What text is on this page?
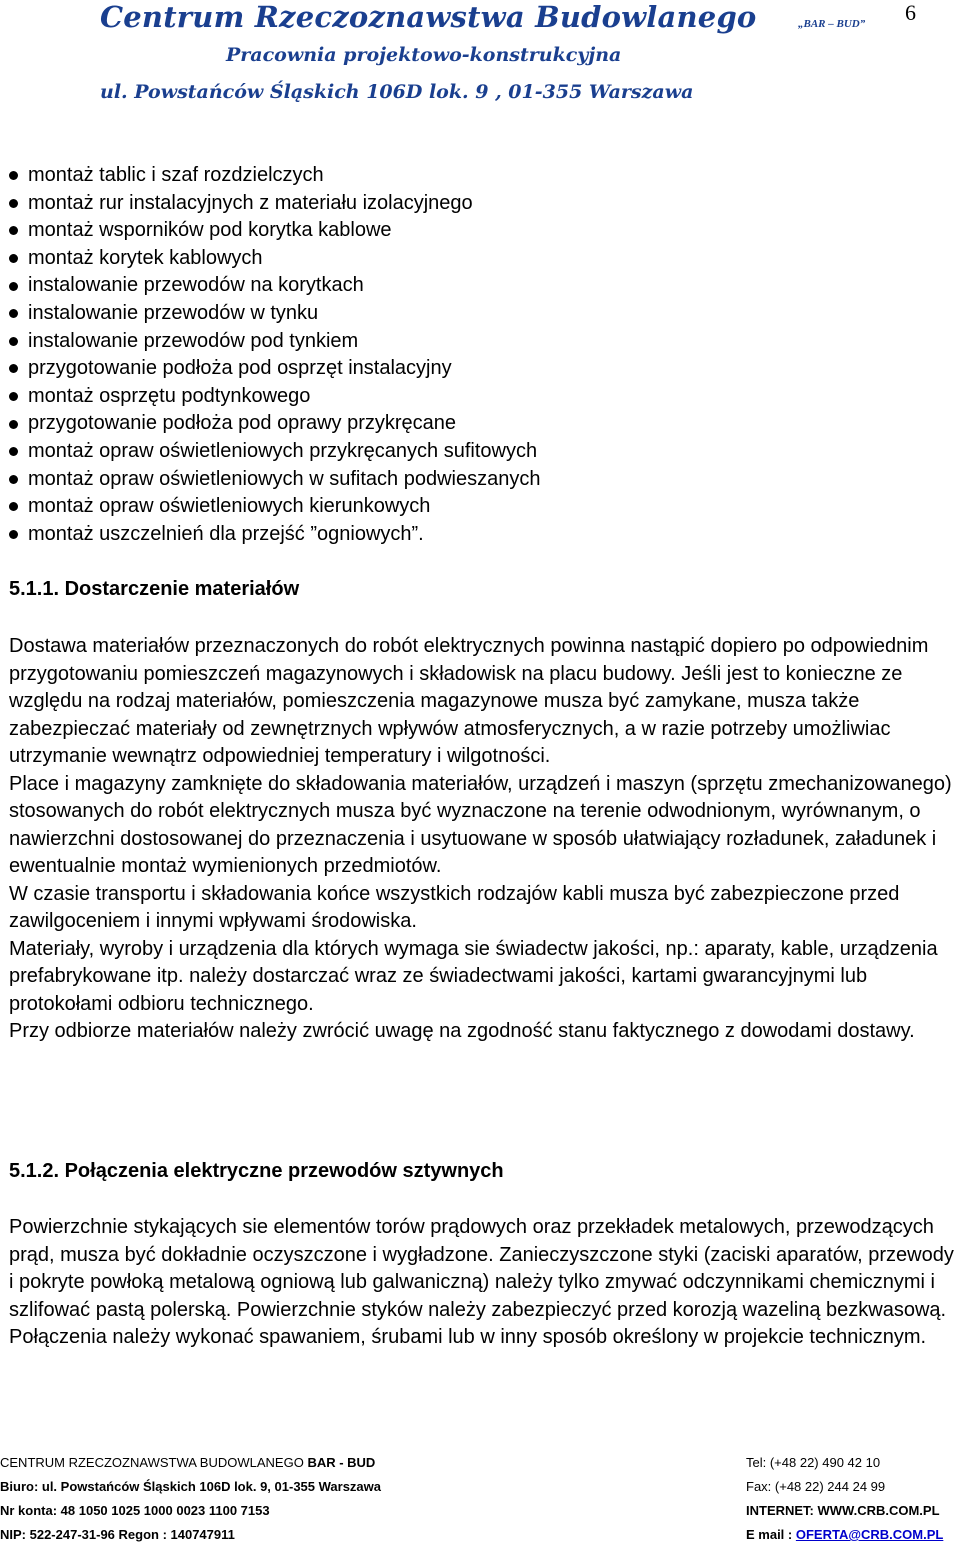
Centrum Rzeczoznawstwa Budowlanego	„BAR – BUD” 6
Pracownia projektowo-konstrukcyjna
ul. Powstańców Śląskich 106D lok. 9 , 01-355 Warszawa
montaż tablic i szaf rozdzielczych
montaż rur instalacyjnych z materiału izolacyjnego
montaż wsporników pod korytka kablowe
montaż korytek kablowych
instalowanie przewodów na korytkach
instalowanie przewodów w tynku
instalowanie przewodów pod tynkiem
przygotowanie podłoża pod osprzęt instalacyjny
montaż osprzętu podtynkowego
przygotowanie podłoża pod oprawy przykręcane
montaż opraw oświetleniowych przykręcanych sufitowych
montaż opraw oświetleniowych w sufitach podwieszanych
montaż opraw oświetleniowych kierunkowych
montaż uszczelnień dla przejść ”ogniowych”.
5.1.1. Dostarczenie materiałów

Dostawa materiałów przeznaczonych do robót elektrycznych powinna nastąpić dopiero po odpowiednim przygotowaniu pomieszczeń magazynowych i składowisk na placu budowy. Jeśli jest to konieczne ze względu na rodzaj materiałów, pomieszczenia magazynowe musza być zamykane, musza także zabezpieczać materiały od zewnętrznych wpływów atmosferycznych, a w razie potrzeby umożliwiac utrzymanie wewnątrz odpowiedniej temperatury i wilgotności.

Place i magazyny zamknięte do składowania materiałów, urządzeń i maszyn (sprzętu zmechanizowanego) stosowanych do robót elektrycznych musza być wyznaczone na terenie odwodnionym, wyrównanym, o nawierzchni dostosowanej do przeznaczenia i usytuowane w sposób ułatwiający rozładunek, załadunek i ewentualnie montaż wymienionych przedmiotów.

W czasie transportu i składowania końce wszystkich rodzajów kabli musza być zabezpieczone przed zawilgoceniem i innymi wpływami środowiska.

Materiały, wyroby i urządzenia dla których wymaga sie świadectw jakości, np.: aparaty, kable, urządzenia prefabrykowane itp. należy dostarczać wraz ze świadectwami jakości, kartami gwarancyjnymi lub protokołami odbioru technicznego.

Przy odbiorze materiałów należy zwrócić uwagę na zgodność stanu faktycznego z dowodami dostawy.

5.1.2. Połączenia elektryczne przewodów sztywnych

Powierzchnie stykających sie elementów torów prądowych oraz przekładek metalowych, przewodzących prąd, musza być dokładnie oczyszczone i wygładzone. Zanieczyszczone styki (zaciski aparatów, przewody i pokryte powłoką metalową ogniową lub galwaniczną) należy tylko zmywać odczynnikami chemicznymi i szlifować pastą polerską. Powierzchnie styków należy zabezpieczyć przed korozją wazeliną bezkwasową. Połączenia należy wykonać spawaniem, śrubami lub w inny sposób określony w projekcie technicznym.

CENTRUM RZECZOZNAWSTWA BUDOWLANEGO BAR - BUD	Tel: (+48 22) 490 42 10
Biuro: ul. Powstańców Śląskich 106D lok. 9, 01-355 Warszawa	Fax: (+48 22) 244 24 99
Nr konta: 48 1050 1025 1000 0023 1100 7153	INTERNET: WWW.CRB.COM.PL
NIP: 522-247-31-96 Regon : 140747911	E mail : OFERTA@CRB.COM.PL
